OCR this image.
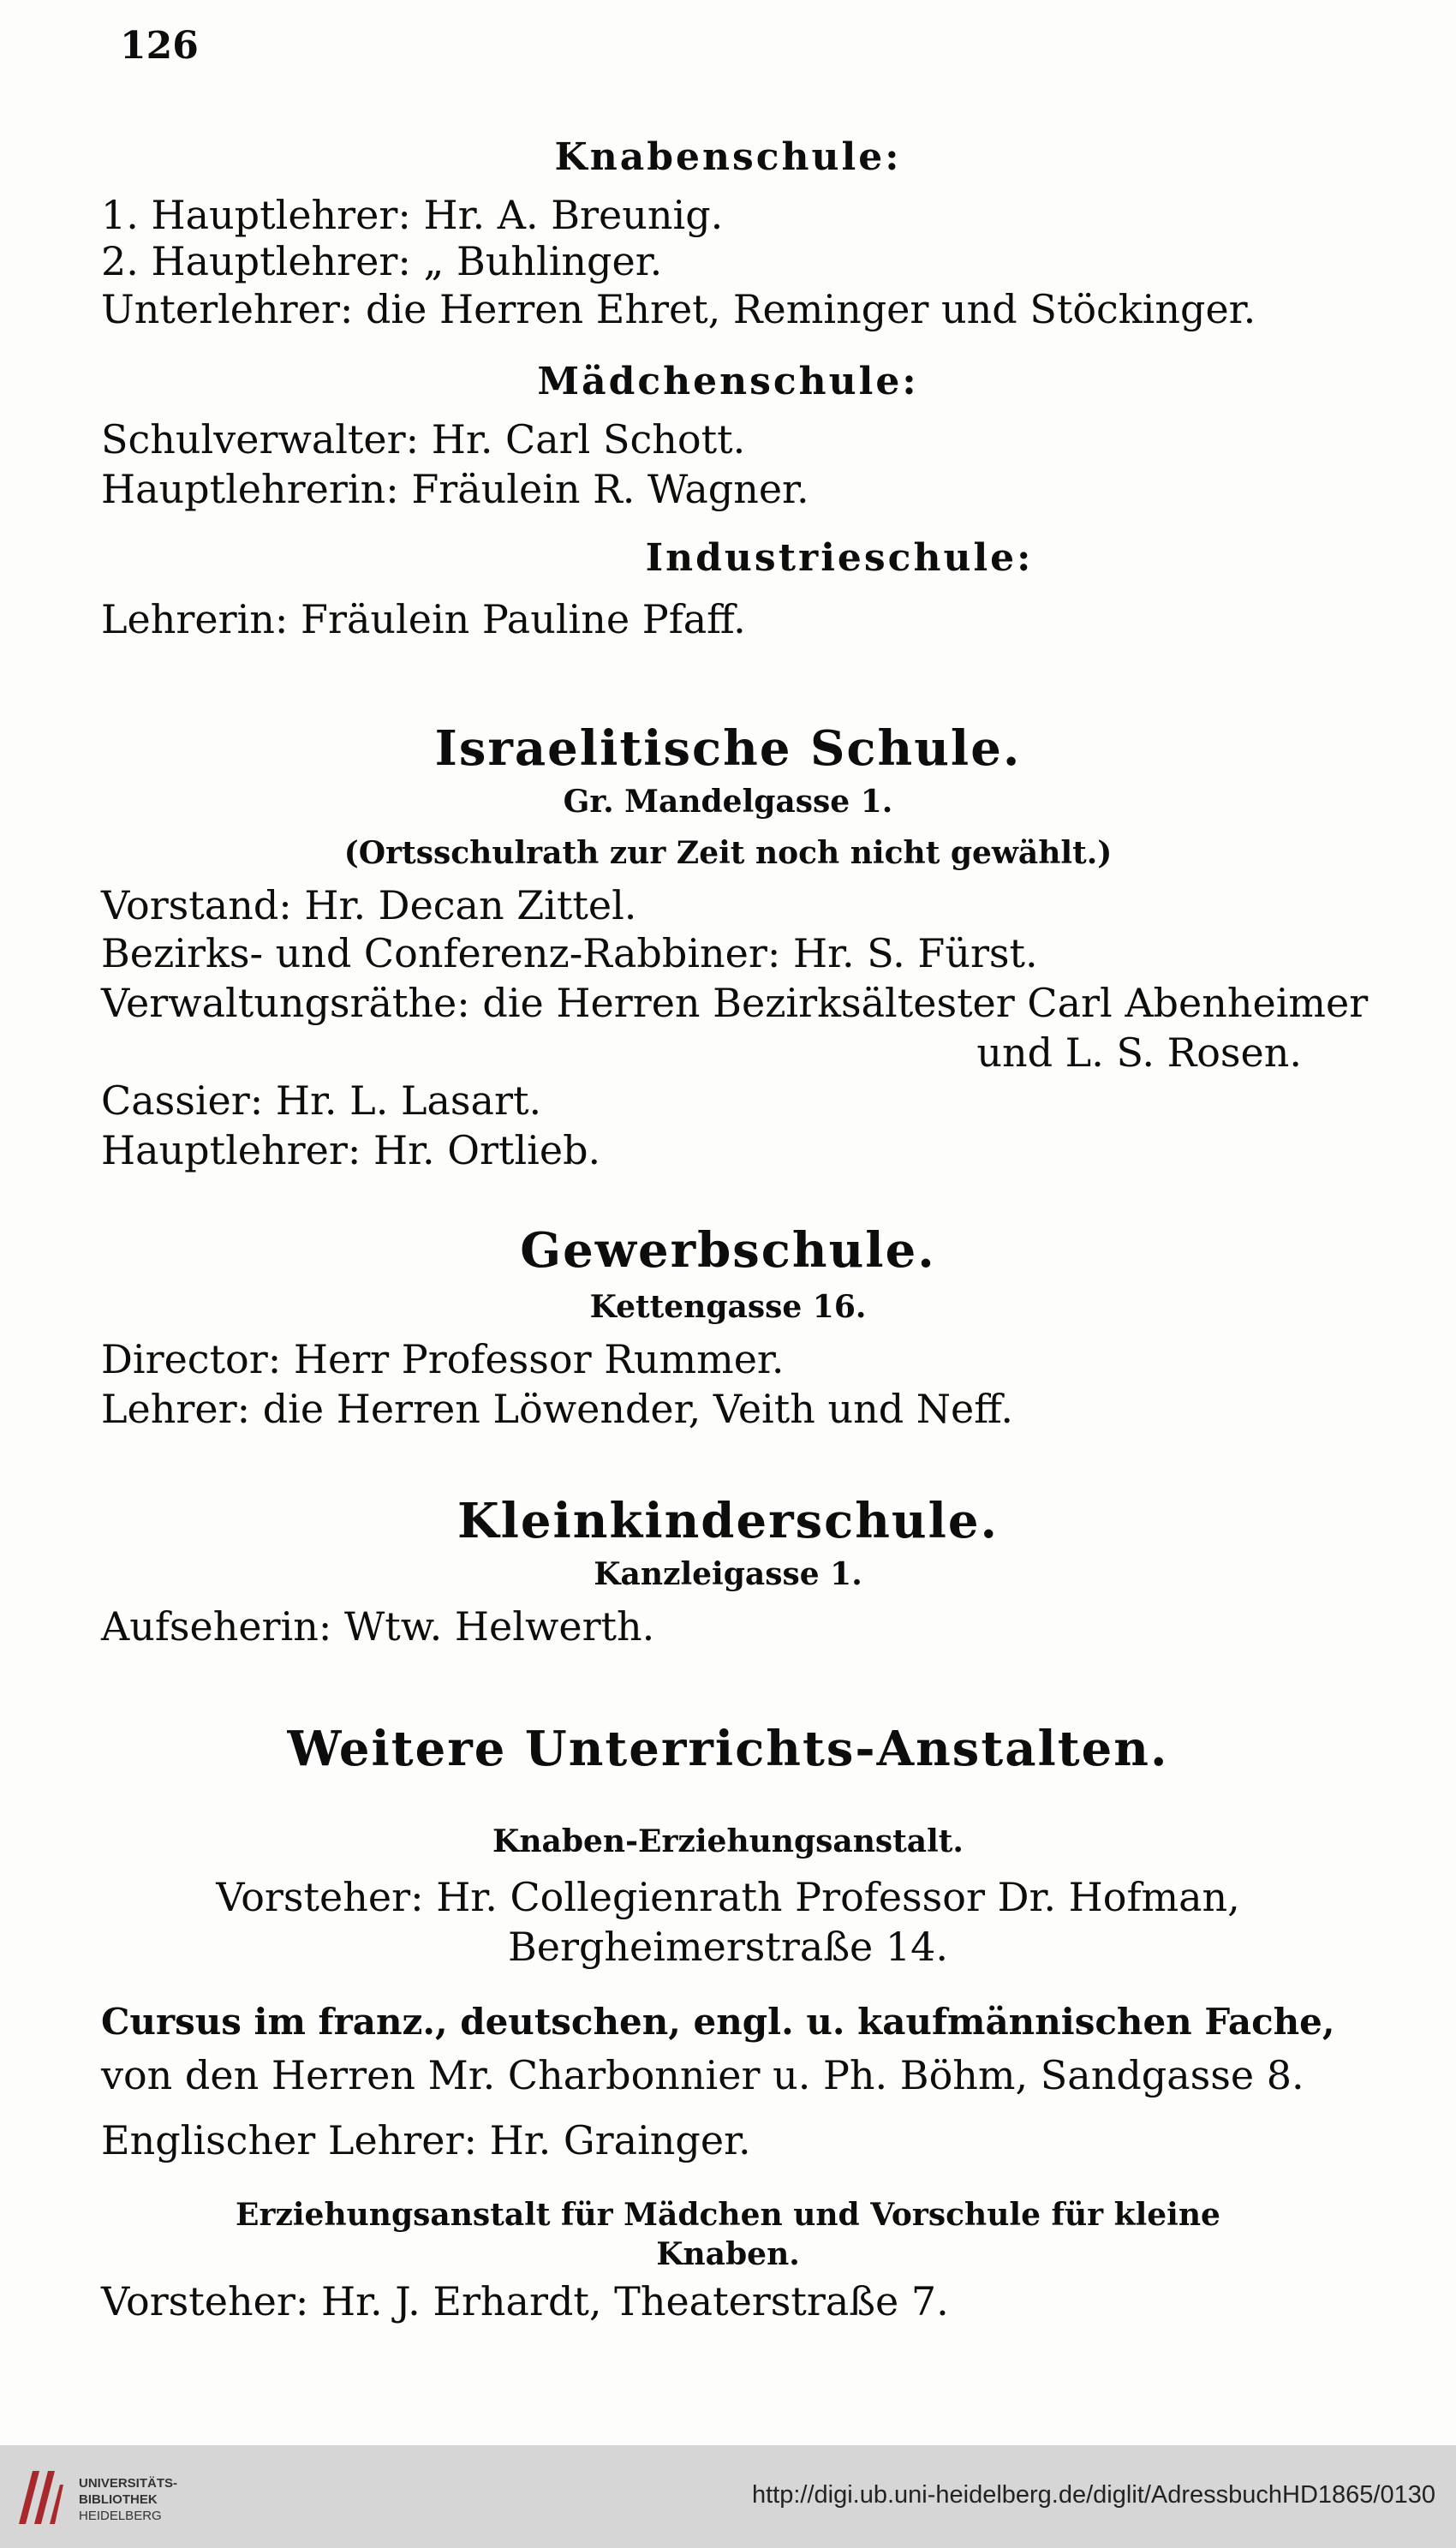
126
Knabenschule:
1. Hauptlehrer: Hr. A. Breunig.
2. Hauptlehrer: „ Buhlinger.
Unterlehrer: die Herren Ehret, Reminger und Stöckinger.
Mädchenschule:
Schulverwalter: Hr. Carl Schott.
Hauptlehrerin: Fräulein R. Wagner.
Industrieschule:
Lehrerin: Fräulein Pauline Pfaff.
Israelitische Schule.
Gr. Mandelgasse 1.
(Ortsschulrath zur Zeit noch nicht gewählt.)
Vorstand: Hr. Decan Zittel.
Bezirks- und Conferenz-Rabbiner: Hr. S. Fürst.
Verwaltungsräthe: die Herren Bezirksältester Carl Abenheimer
und L. S. Rosen.
Cassier: Hr. L. Lasart.
Hauptlehrer: Hr. Ortlieb.
Gewerbschule.
Kettengasse 16.
Director: Herr Professor Rummer.
Lehrer: die Herren Löwender, Veith und Neff.
Kleinkinderschule.
Kanzleigasse 1.
Aufseherin: Wtw. Helwerth.
Weitere Unterrichts-Anstalten.
Knaben-Erziehungsanstalt.
Vorsteher: Hr. Collegienrath Professor Dr. Hofman,
Bergheimerstraße 14.
Cursus im franz., deutschen, engl. u. kaufmännischen Fache,
von den Herren Mr. Charbonnier u. Ph. Böhm, Sandgasse 8.
Englischer Lehrer: Hr. Grainger.
Erziehungsanstalt für Mädchen und Vorschule für kleine
Knaben.
Vorsteher: Hr. J. Erhardt, Theaterstraße 7.
UNIVERSITÄTS-
BIBLIOTHEK
HEIDELBERG
http://digi.ub.uni-heidelberg.de/diglit/AdressbuchHD1865/0130
